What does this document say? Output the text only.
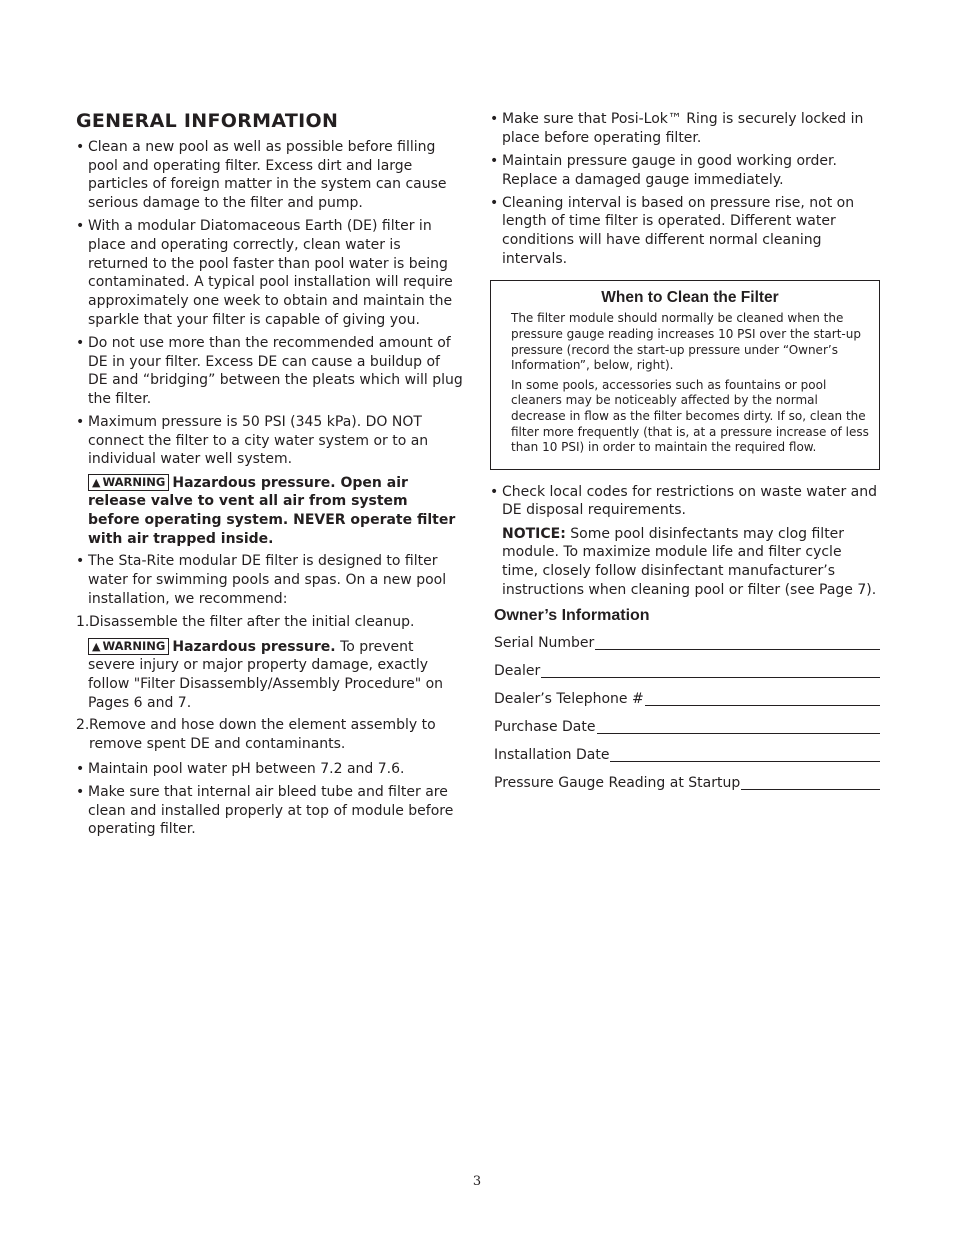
GENERAL INFORMATION
• Clean a new pool as well as possible before filling pool and operating filter. Excess dirt and large particles of foreign matter in the system can cause serious damage to the filter and pump.
• With a modular Diatomaceous Earth (DE) filter in place and operating correctly, clean water is returned to the pool faster than pool water is being contaminated. A typical pool installation will require approximately one week to obtain and maintain the sparkle that your filter is capable of giving you.
• Do not use more than the recommended amount of DE in your filter. Excess DE can cause a buildup of DE and “bridging” between the pleats which will plug the filter.
• Maximum pressure is 50 PSI (345 kPa). DO NOT connect the filter to a city water system or to an individual water well system.
▲ WARNING Hazardous pressure. Open air release valve to vent all air from system before operating system. NEVER operate filter with air trapped inside.
• The Sta-Rite modular DE filter is designed to filter water for swimming pools and spas. On a new pool installation, we recommend:
1. Disassemble the filter after the initial cleanup.
▲ WARNING Hazardous pressure. To prevent severe injury or major property damage, exactly follow "Filter Disassembly/Assembly Procedure" on Pages 6 and 7.
2. Remove and hose down the element assembly to remove spent DE and contaminants.
• Maintain pool water pH between 7.2 and 7.6.
• Make sure that internal air bleed tube and filter are clean and installed properly at top of module before operating filter.
• Make sure that Posi-Lok™ Ring is securely locked in place before operating filter.
• Maintain pressure gauge in good working order. Replace a damaged gauge immediately.
• Cleaning interval is based on pressure rise, not on length of time filter is operated. Different water conditions will have different normal cleaning intervals.
When to Clean the Filter

The filter module should normally be cleaned when the pressure gauge reading increases 10 PSI over the start-up pressure (record the start-up pressure under “Owner’s Information”, below, right).

In some pools, accessories such as fountains or pool cleaners may be noticeably affected by the normal decrease in flow as the filter becomes dirty. If so, clean the filter more frequently (that is, at a pressure increase of less than 10 PSI) in order to maintain the required flow.

• Check local codes for restrictions on waste water and DE disposal requirements.
NOTICE: Some pool disinfectants may clog filter module. To maximize module life and filter cycle time, closely follow disinfectant manufacturer’s instructions when cleaning pool or filter (see Page 7).
Owner’s Information
Serial Number
Dealer
Dealer’s Telephone #
Purchase Date
Installation Date
Pressure Gauge Reading at Startup
3
